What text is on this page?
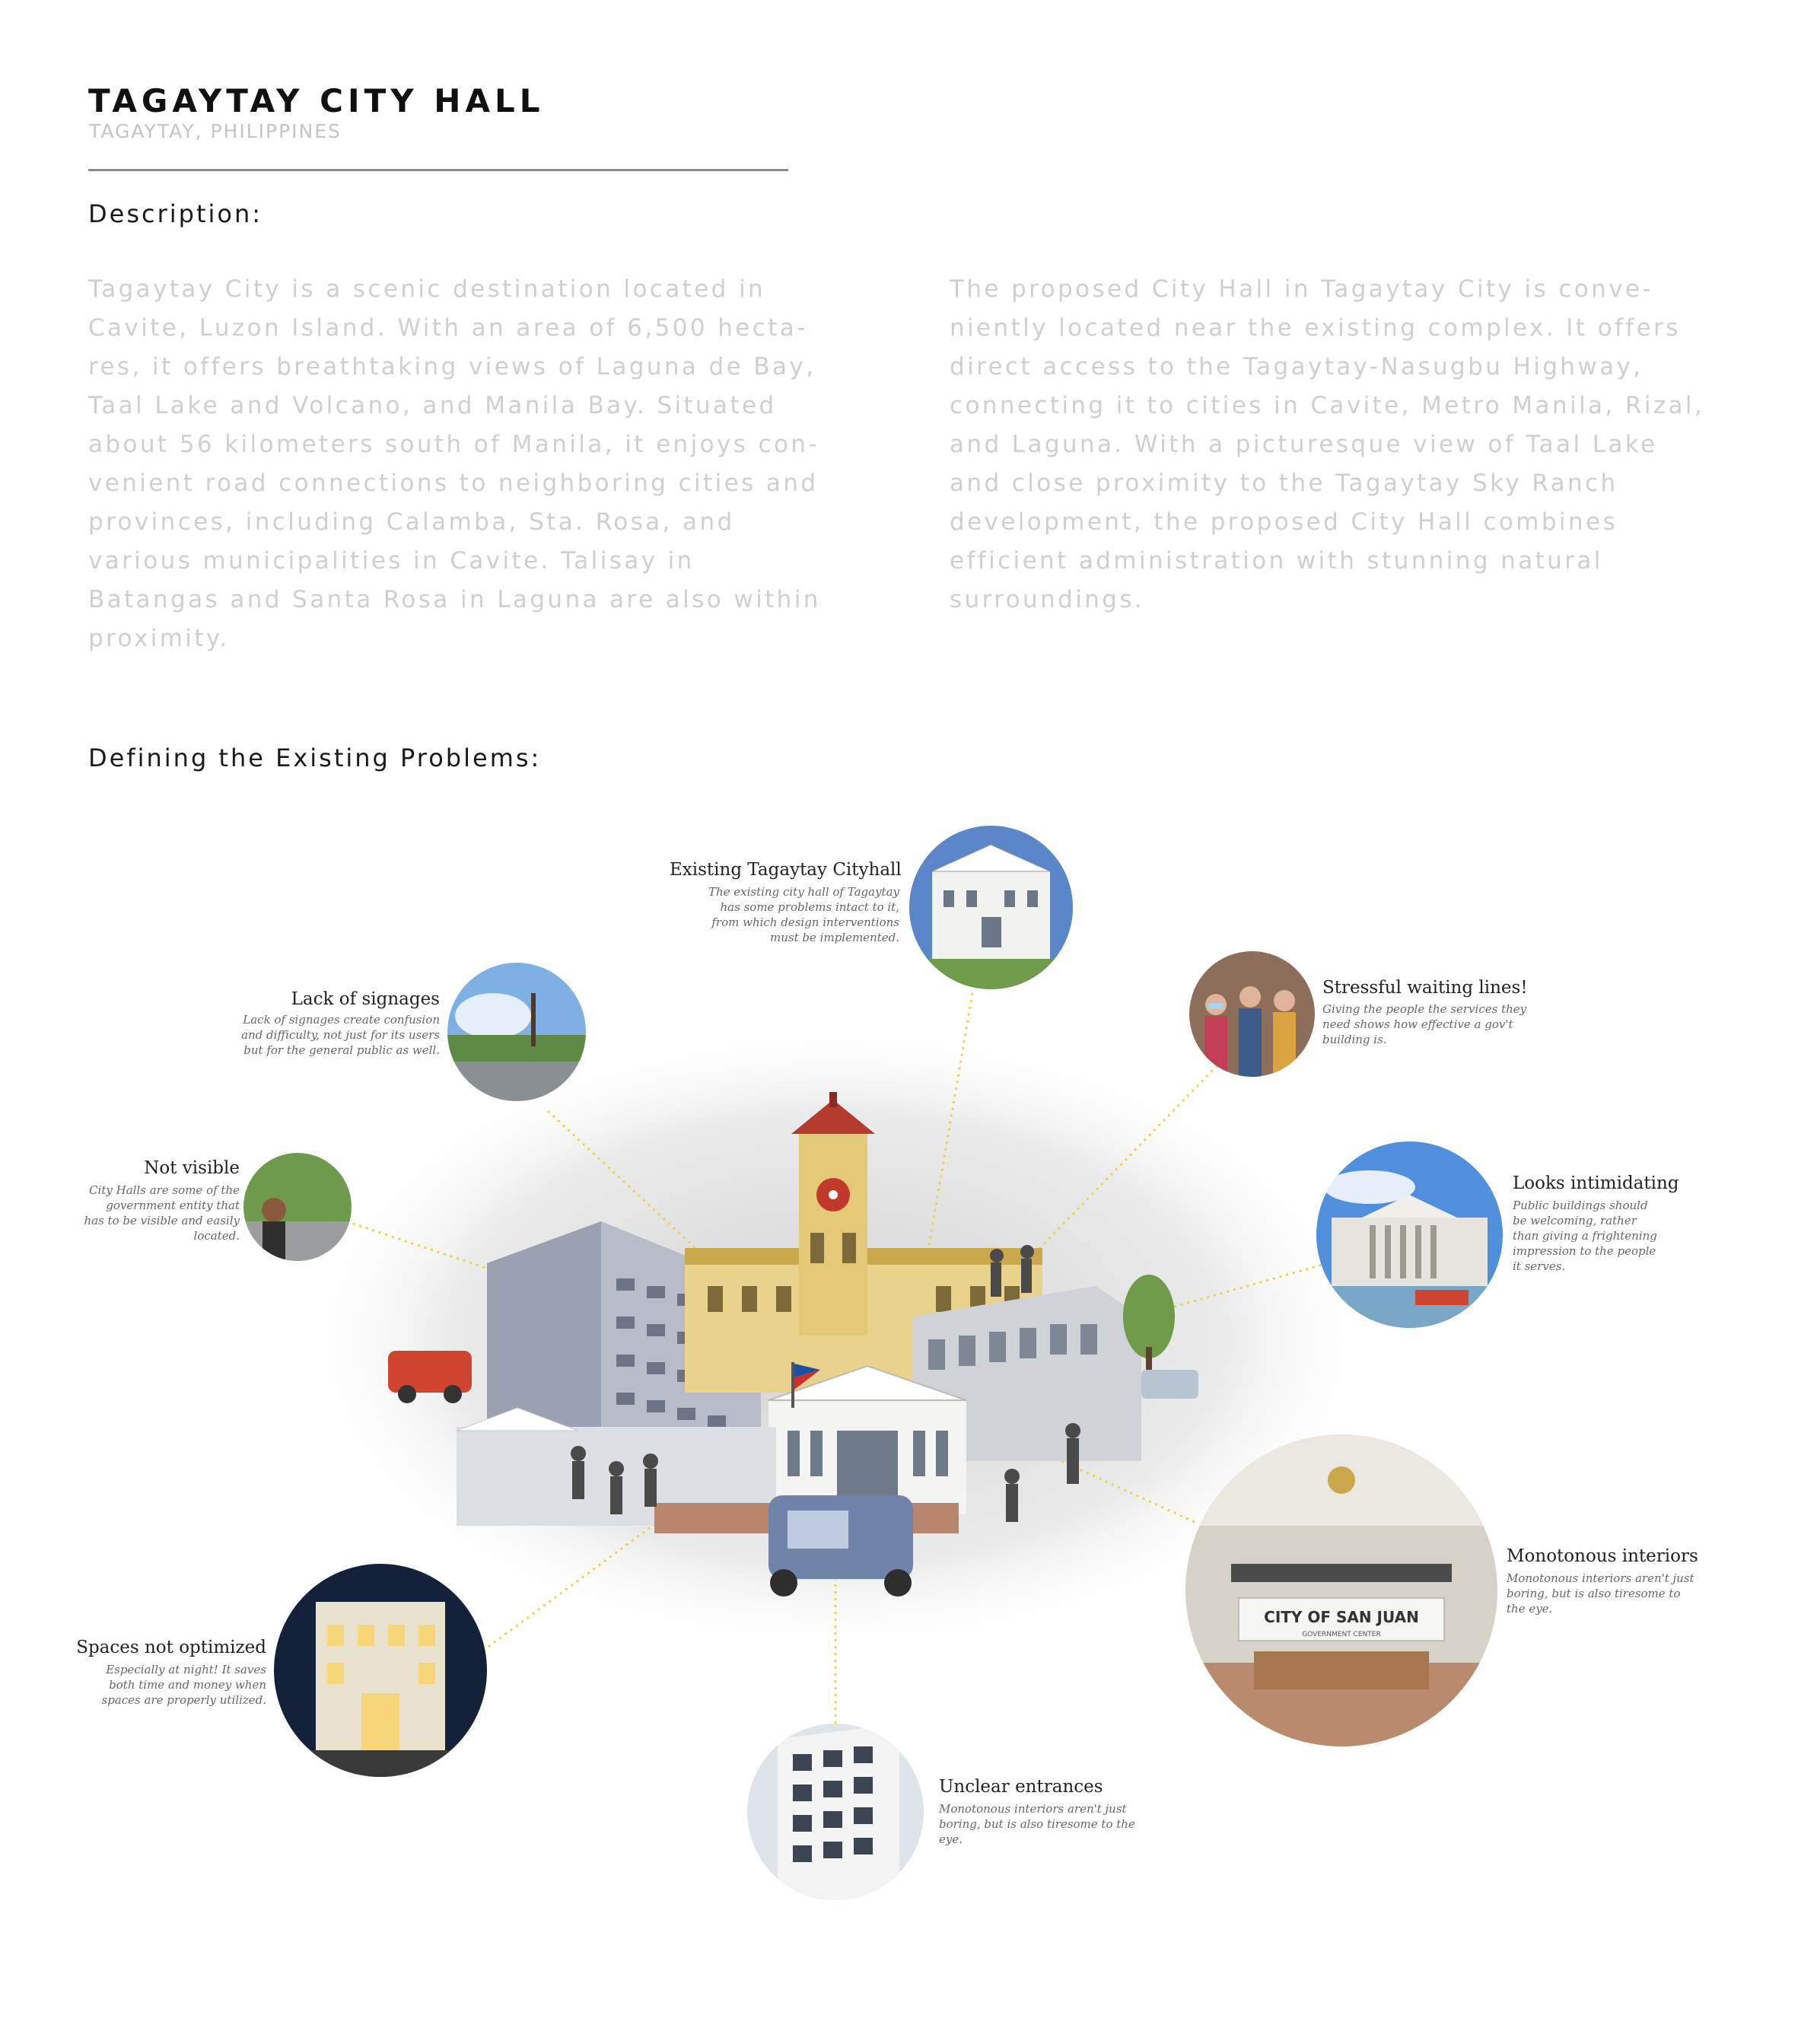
TAGAYTAY CITY HALL
TAGAYTAY, PHILIPPINES
Description:

Tagaytay City is a scenic destination located in Cavite, Luzon Island. With an area of 6,500 hecta-res, it offers breathtaking views of Laguna de Bay, Taal Lake and Volcano, and Manila Bay. Situated about 56 kilometers south of Manila, it enjoys con-venient road connections to neighboring cities and provinces, including Calamba, Sta. Rosa, and various municipalities in Cavite. Talisay in Batangas and Santa Rosa in Laguna are also within proximity.

The proposed City Hall in Tagaytay City is conve-niently located near the existing complex. It offers direct access to the Tagaytay-Nasugbu Highway, connecting it to cities in Cavite, Metro Manila, Rizal, and Laguna. With a picturesque view of Taal Lake and close proximity to the Tagaytay Sky Ranch development, the proposed City Hall combines efficient administration with stunning natural surroundings.

Defining the Existing Problems:
CITY OF SAN JUAN
GOVERNMENT CENTER
Existing Tagaytay Cityhall

The existing city hall of Tagaytay has some problems intact to it, from which design interventions must be implemented.

Lack of signages

Lack of signages create confusion and difficulty, not just for its users but for the general public as well.

Stressful waiting lines!

Giving the people the services they need shows how effective a gov't building is.

Not visible

City Halls are some of the government entity that has to be visible and easily located.

Looks intimidating

Public buildings should be welcoming, rather than giving a frightening impression to the people it serves.

Monotonous interiors

Monotonous interiors aren't just boring, but is also tiresome to the eye.

Spaces not optimized

Especially at night! It saves both time and money when spaces are properly utilized.

Unclear entrances

Monotonous interiors aren't just boring, but is also tiresome to the eye.
